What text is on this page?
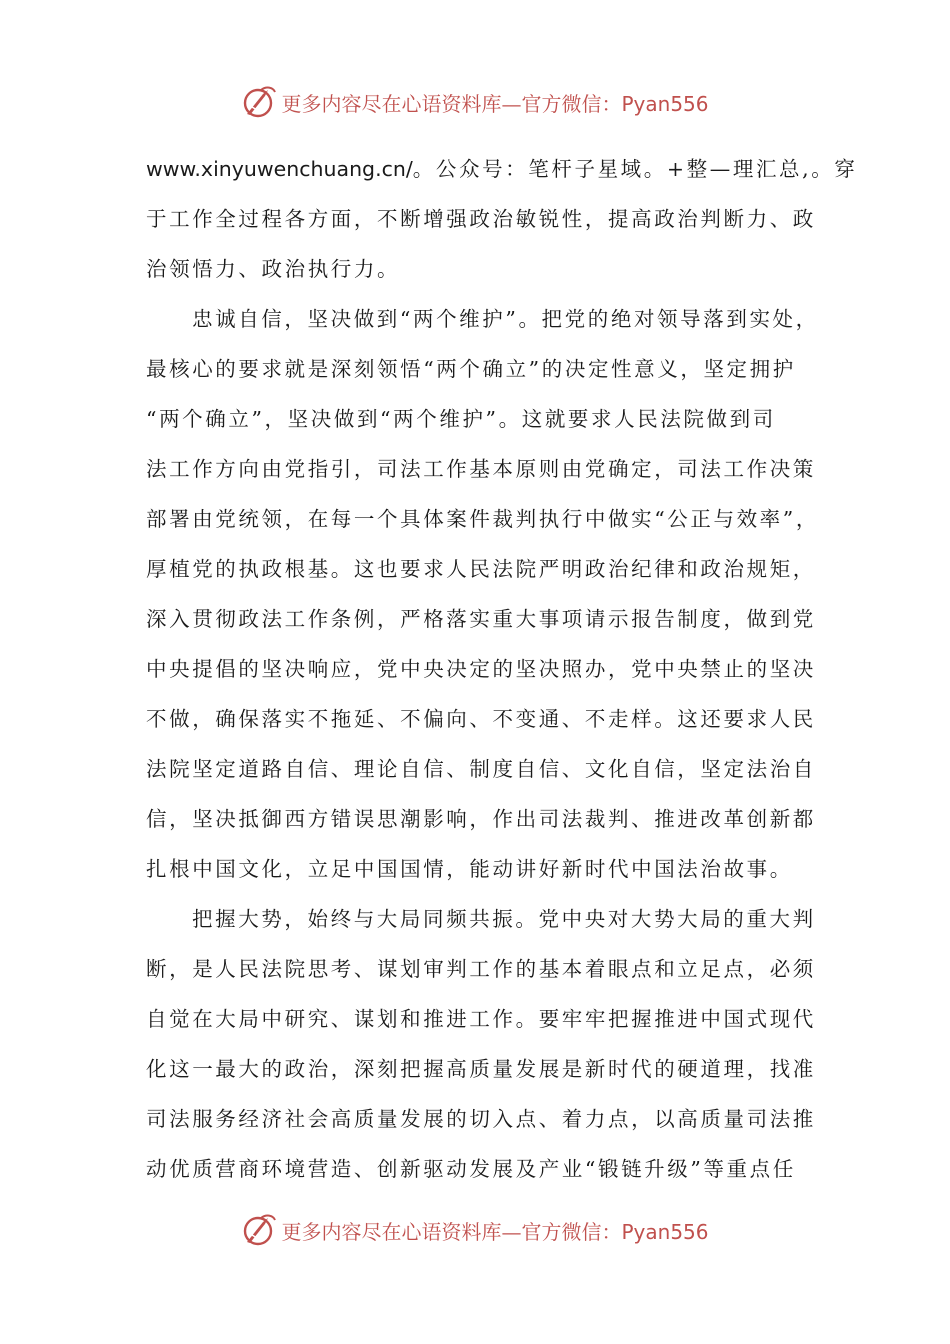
更多内容尽在心语资料库—官方微信：Pyan556
www.xinyuwenchuang.cn/。公众号：笔杆子星域。+整—理汇总,。穿
于工作全过程各方面，不断增强政治敏锐性，提高政治判断力、政
治领悟力、政治执行力。
忠诚自信，坚决做到“两个维护”。把党的绝对领导落到实处，
最核心的要求就是深刻领悟“两个确立”的决定性意义，坚定拥护
“两个确立”，坚决做到“两个维护”。这就要求人民法院做到司
法工作方向由党指引，司法工作基本原则由党确定，司法工作决策
部署由党统领，在每一个具体案件裁判执行中做实“公正与效率”，
厚植党的执政根基。这也要求人民法院严明政治纪律和政治规矩，
深入贯彻政法工作条例，严格落实重大事项请示报告制度，做到党
中央提倡的坚决响应，党中央决定的坚决照办，党中央禁止的坚决
不做，确保落实不拖延、不偏向、不变通、不走样。这还要求人民
法院坚定道路自信、理论自信、制度自信、文化自信，坚定法治自
信，坚决抵御西方错误思潮影响，作出司法裁判、推进改革创新都
扎根中国文化，立足中国国情，能动讲好新时代中国法治故事。
把握大势，始终与大局同频共振。党中央对大势大局的重大判
断，是人民法院思考、谋划审判工作的基本着眼点和立足点，必须
自觉在大局中研究、谋划和推进工作。要牢牢把握推进中国式现代
化这一最大的政治，深刻把握高质量发展是新时代的硬道理，找准
司法服务经济社会高质量发展的切入点、着力点，以高质量司法推
动优质营商环境营造、创新驱动发展及产业“锻链升级”等重点任
更多内容尽在心语资料库—官方微信：Pyan556
